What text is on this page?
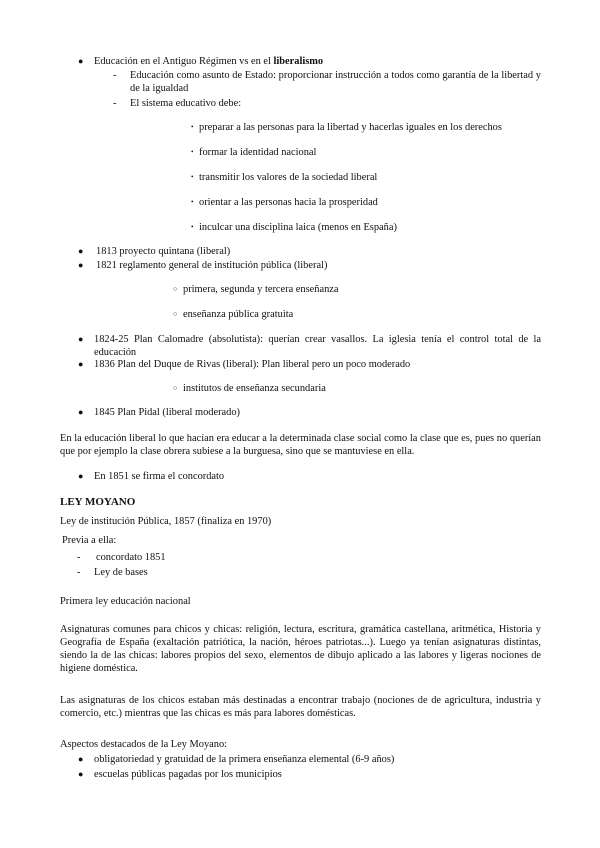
● Educación en el Antiguo Régimen vs en el liberalismo
- Educación como asunto de Estado: proporcionar instrucción a todos como garantía de la libertad y de la igualdad
- El sistema educativo debe:
• preparar a las personas para la libertad y hacerlas iguales en los derechos
• formar la identidad nacional
• transmitir los valores de la sociedad liberal
• orientar a las personas hacia la prosperidad
• inculcar una disciplina laica (menos en España)
● 1813 proyecto quintana (liberal)
● 1821 reglamento general de institución pública (liberal)
○ primera, segunda y tercera enseñanza
○ enseñanza pública gratuita
● 1824-25 Plan Calomadre (absolutista): querían crear vasallos. La iglesia tenía el control total de la educación
● 1836 Plan del Duque de Rivas (liberal): Plan liberal pero un poco moderado
○ institutos de enseñanza secundaria
● 1845 Plan Pidal (liberal moderado)
En la educación liberal lo que hacían era educar a la determinada clase social como la clase que es, pues no querían que por ejemplo la clase obrera subiese a la burguesa, sino que se mantuviese en ella.
● En 1851 se firma el concordato
LEY MOYANO
Ley de institución Pública, 1857 (finaliza en 1970)
Previa a ella:
- concordato 1851
- Ley de bases
Primera ley educación nacional
Asignaturas comunes para chicos y chicas: religión, lectura, escritura, gramática castellana, aritmética, Historia y Geografía de España (exaltación patriótica, la nación, héroes patriotas...). Luego ya tenían asignaturas distintas, siendo la de las chicas: labores propios del sexo, elementos de dibujo aplicado a las labores y ligeras nociones de higiene doméstica.
Las asignaturas de los chicos estaban más destinadas a encontrar trabajo (nociones de de agricultura, industria y comercio, etc.) mientras que las chicas es más para labores domésticas.
Aspectos destacados de la Ley Moyano:
● obligatoriedad y gratuidad de la primera enseñanza elemental (6-9 años)
● escuelas públicas pagadas por los municipios
